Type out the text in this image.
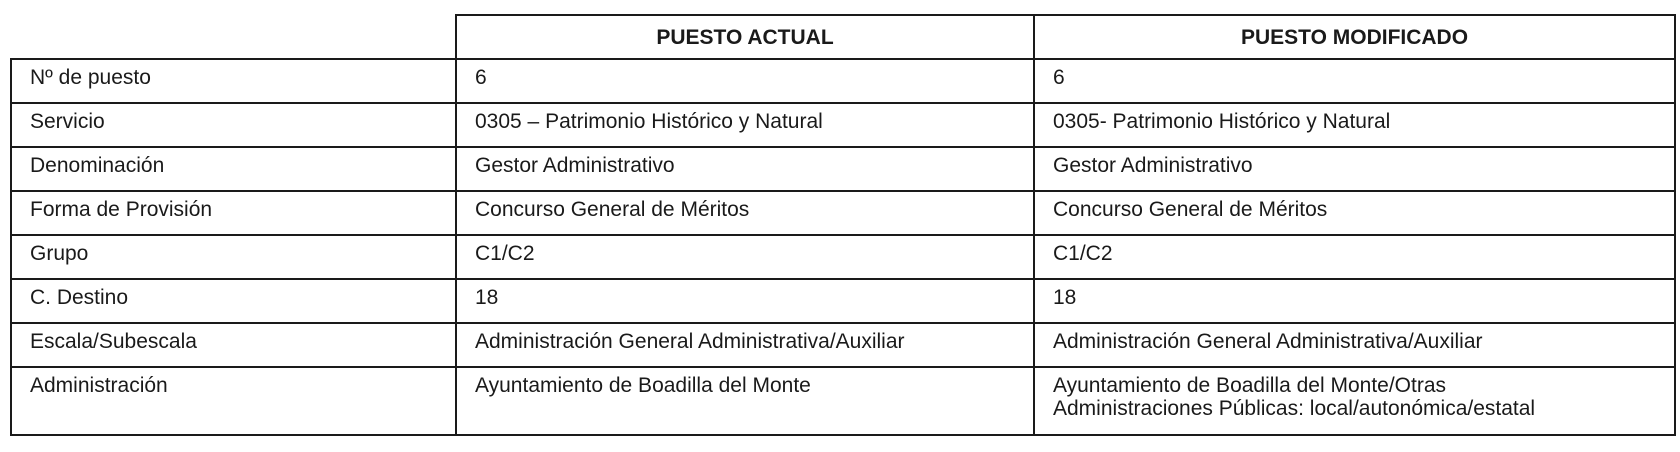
	PUESTO ACTUAL	PUESTO MODIFICADO
Nº de puesto	6	6
Servicio	0305 – Patrimonio Histórico y Natural	0305- Patrimonio Histórico y Natural
Denominación	Gestor Administrativo	Gestor Administrativo
Forma de Provisión	Concurso General de Méritos	Concurso General de Méritos
Grupo	C1/C2	C1/C2
C. Destino	18	18
Escala/Subescala	Administración General Administrativa/Auxiliar	Administración General Administrativa/Auxiliar
Administración	Ayuntamiento de Boadilla del Monte	Ayuntamiento de Boadilla del Monte/Otras
Administraciones Públicas: local/autonómica/estatal
